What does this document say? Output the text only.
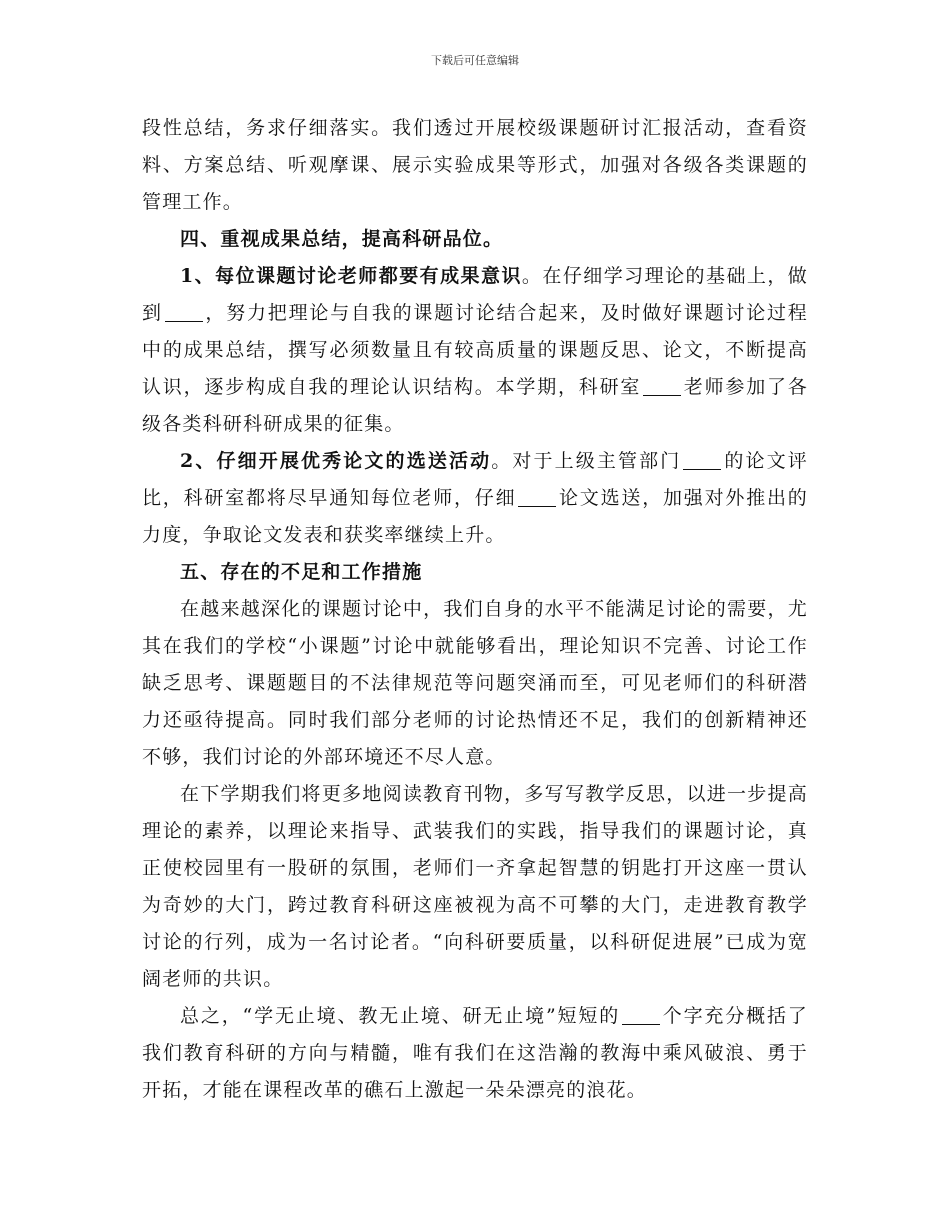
下载后可任意编辑

段性总结，务求仔细落实。我们透过开展校级课题研讨汇报活动，查看资料、方案总结、听观摩课、展示实验成果等形式，加强对各级各类课题的管理工作。

四、重视成果总结，提高科研品位。

1、每位课题讨论老师都要有成果意识。在仔细学习理论的基础上，做到 ，努力把理论与自我的课题讨论结合起来，及时做好课题讨论过程中的成果总结，撰写必须数量且有较高质量的课题反思、论文，不断提高认识，逐步构成自我的理论认识结构。本学期，科研室 老师参加了各级各类科研科研成果的征集。

2、仔细开展优秀论文的选送活动。对于上级主管部门 的论文评比，科研室都将尽早通知每位老师，仔细 论文选送，加强对外推出的力度，争取论文发表和获奖率继续上升。

五、存在的不足和工作措施

在越来越深化的课题讨论中，我们自身的水平不能满足讨论的需要，尤其在我们的学校“小课题”讨论中就能够看出，理论知识不完善、讨论工作缺乏思考、课题题目的不法律规范等问题突涌而至，可见老师们的科研潜力还亟待提高。同时我们部分老师的讨论热情还不足，我们的创新精神还不够，我们讨论的外部环境还不尽人意。

在下学期我们将更多地阅读教育刊物，多写写教学反思，以进一步提高理论的素养，以理论来指导、武装我们的实践，指导我们的课题讨论，真正使校园里有一股研的氛围，老师们一齐拿起智慧的钥匙打开这座一贯认为奇妙的大门，跨过教育科研这座被视为高不可攀的大门，走进教育教学讨论的行列，成为一名讨论者。“向科研要质量，以科研促进展”已成为宽阔老师的共识。

总之，“学无止境、教无止境、研无止境”短短的 个字充分概括了我们教育科研的方向与精髓，唯有我们在这浩瀚的教海中乘风破浪、勇于开拓，才能在课程改革的礁石上激起一朵朵漂亮的浪花。
